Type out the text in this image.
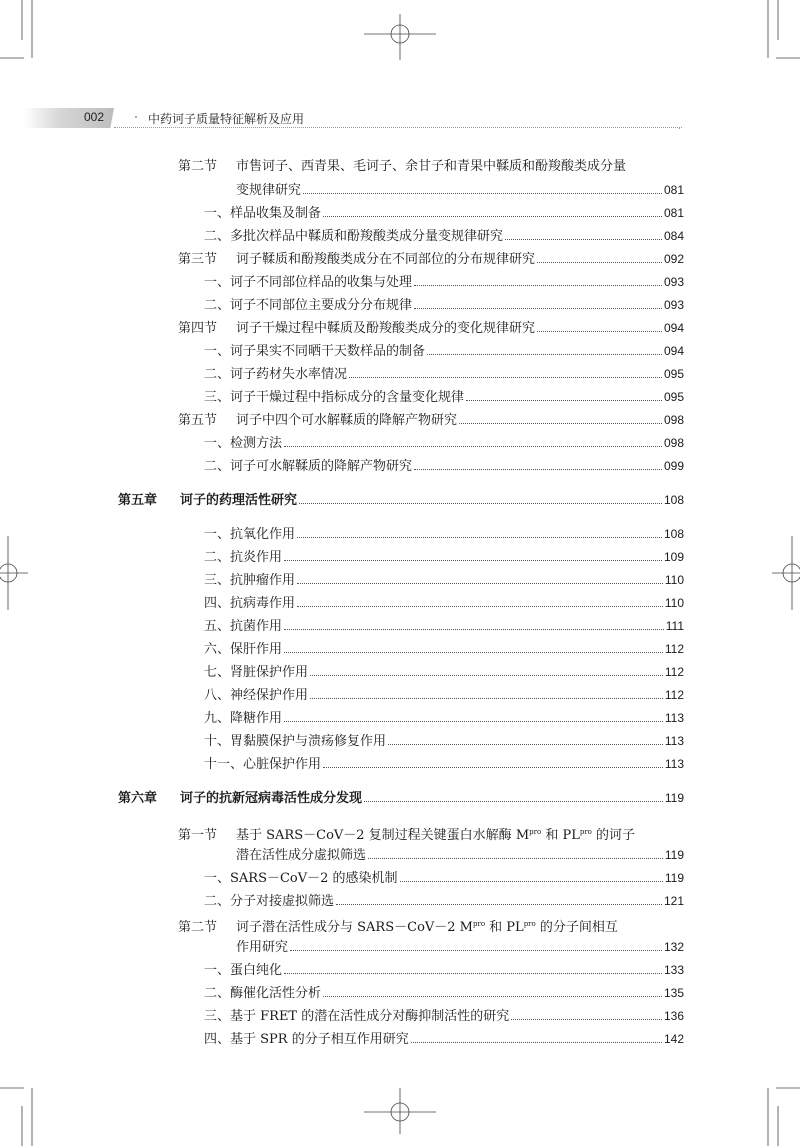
002 · 中药诃子质量特征解析及应用
·
第二节 市售诃子、西青果、毛诃子、余甘子和青果中鞣质和酚羧酸类成分量
变规律研究	081
一、样品收集及制备	081
二、多批次样品中鞣质和酚羧酸类成分量变规律研究	084
第三节	诃子鞣质和酚羧酸类成分在不同部位的分布规律研究	092
一、诃子不同部位样品的收集与处理	093
二、诃子不同部位主要成分分布规律	093
第四节	诃子干燥过程中鞣质及酚羧酸类成分的变化规律研究	094
一、诃子果实不同晒干天数样品的制备	094
二、诃子药材失水率情况	095
三、诃子干燥过程中指标成分的含量变化规律	095
第五节	诃子中四个可水解鞣质的降解产物研究	098
一、检测方法	098
二、诃子可水解鞣质的降解产物研究	099
第五章	诃子的药理活性研究	108
一、抗氧化作用	108
二、抗炎作用	109
三、抗肿瘤作用	110
四、抗病毒作用	110
五、抗菌作用	111
六、保肝作用	112
七、肾脏保护作用	112
八、神经保护作用	112
九、降糖作用	113
十、胃黏膜保护与溃疡修复作用	113
十一、心脏保护作用	113
第六章	诃子的抗新冠病毒活性成分发现	119
第一节 基于 SARS－CoV－2 复制过程关键蛋白水解酶 $M^{pro}$ 和 $PL^{pro}$ 的诃子
潜在活性成分虚拟筛选	119
一、SARS－CoV－2 的感染机制	119
二、分子对接虚拟筛选	121
第二节 诃子潜在活性成分与 SARS－CoV－2 $M^{pro}$ 和 $PL^{pro}$ 的分子间相互
作用研究	132
一、蛋白纯化	133
二、酶催化活性分析	135
三、基于 FRET 的潜在活性成分对酶抑制活性的研究	136
四、基于 SPR 的分子相互作用研究	142
